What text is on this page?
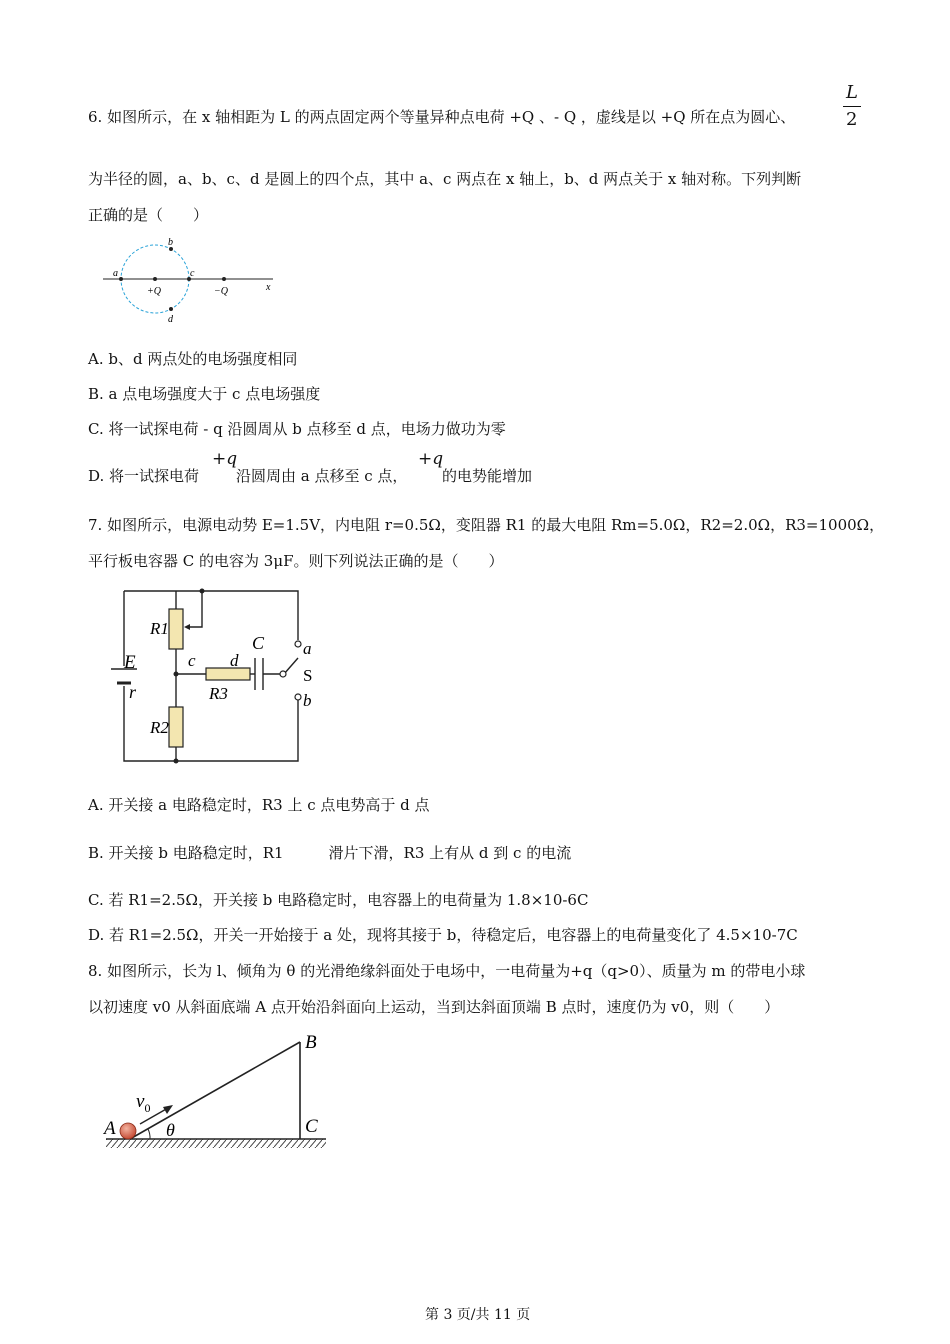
6. 如图所示，在 x 轴相距为 L 的两点固定两个等量异种点电荷 +Q 、- Q ，虚线是以 +Q 所在点为圆心、
L
2
为半径的圆，a、b、c、d 是圆上的四个点，其中 a、c 两点在 x 轴上，b、d 两点关于 x 轴对称。下列判断
正确的是（　　）
a
b
c
d
+Q	−Q	x
A. b、d 两点处的电场强度相同
B. a 点电场强度大于 c 点电场强度
C. 将一试探电荷 - q 沿圆周从 b 点移至 d 点，电场力做功为零
D. 将一试探电荷
+q
沿圆周由 a 点移至 c 点，
+q
的电势能增加
7. 如图所示，电源电动势 E=1.5V，内电阻 r=0.5Ω，变阻器 R1 的最大电阻 Rm=5.0Ω，R2=2.0Ω，R3=1000Ω，
平行板电容器 C 的电容为 3μF。则下列说法正确的是（　　）
R1
R2
R3
E
r
C
c d
a
S
b
A. 开关接 a 电路稳定时，R3 上 c 点电势高于 d 点
B. 开关接 b 电路稳定时，R1　　　滑片下滑，R3 上有从 d 到 c 的电流
C. 若 R1=2.5Ω，开关接 b 电路稳定时，电容器上的电荷量为 1.8×10-6C
D. 若 R1=2.5Ω，开关一开始接于 a 处，现将其接于 b，待稳定后，电容器上的电荷量变化了 4.5×10-7C
8. 如图所示，长为 l、倾角为 θ 的光滑绝缘斜面处于电场中，一电荷量为+q（q>0）、质量为 m 的带电小球
以初速度 v0 从斜面底端 A 点开始沿斜面向上运动，当到达斜面顶端 B 点时，速度仍为 v0，则（　　）
A
B
C
θ
$v_0$
第 3 页/共 11 页
